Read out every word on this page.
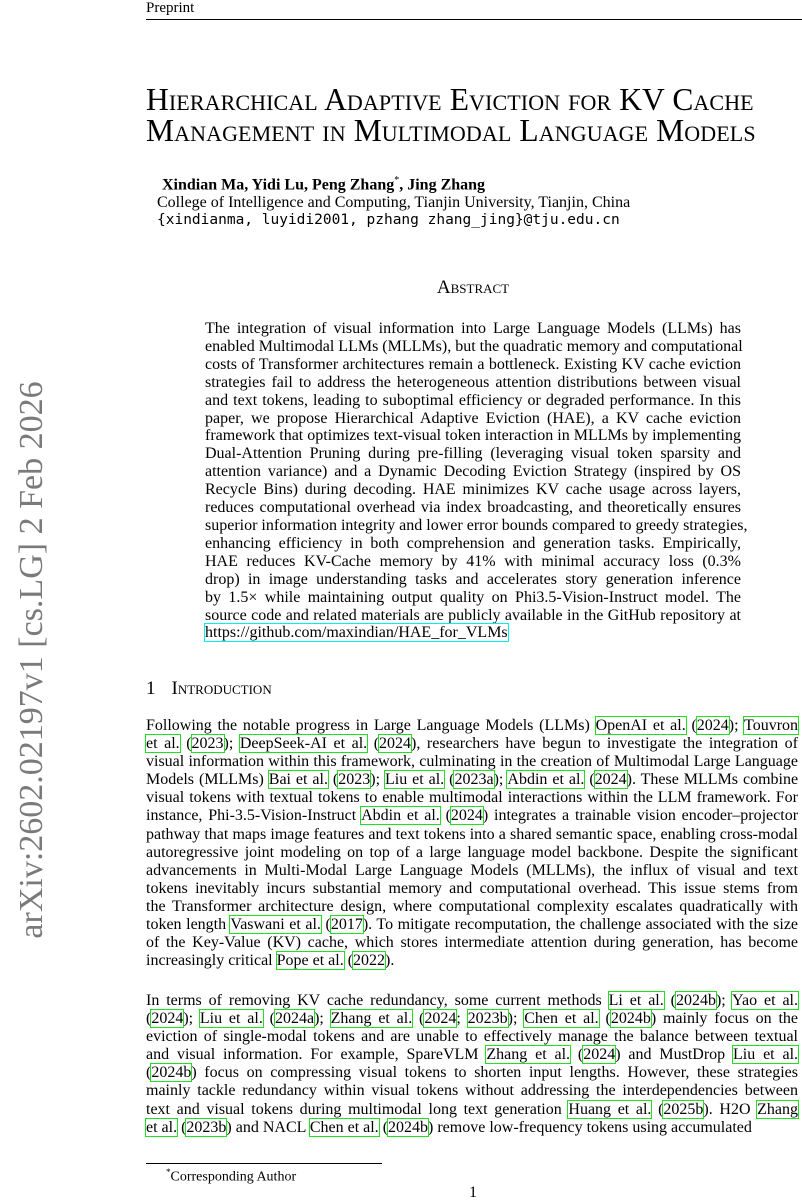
arXiv:2602.02197v1 [cs.LG] 2 Feb 2026
Preprint
Hierarchical Adaptive Eviction for KV Cache
Management in Multimodal Language Models
Xindian Ma, Yidi Lu, Peng Zhang*, Jing Zhang
College of Intelligence and Computing, Tianjin University, Tianjin, China
{xindianma, luyidi2001, pzhang zhang_jing}@tju.edu.cn
Abstract
The integration of visual information into Large Language Models (LLMs) has
enabled Multimodal LLMs (MLLMs), but the quadratic memory and computational
costs of Transformer architectures remain a bottleneck. Existing KV cache eviction
strategies fail to address the heterogeneous attention distributions between visual
and text tokens, leading to suboptimal efficiency or degraded performance. In this
paper, we propose Hierarchical Adaptive Eviction (HAE), a KV cache eviction
framework that optimizes text-visual token interaction in MLLMs by implementing
Dual-Attention Pruning during pre-filling (leveraging visual token sparsity and
attention variance) and a Dynamic Decoding Eviction Strategy (inspired by OS
Recycle Bins) during decoding. HAE minimizes KV cache usage across layers,
reduces computational overhead via index broadcasting, and theoretically ensures
superior information integrity and lower error bounds compared to greedy strategies,
enhancing efficiency in both comprehension and generation tasks. Empirically,
HAE reduces KV-Cache memory by 41% with minimal accuracy loss (0.3%
drop) in image understanding tasks and accelerates story generation inference
by 1.5× while maintaining output quality on Phi3.5-Vision-Instruct model. The
source code and related materials are publicly available in the GitHub repository at
https://github.com/maxindian/HAE_for_VLMs
1 Introduction
Following the notable progress in Large Language Models (LLMs) OpenAI et al. (2024); Touvron
et al. (2023); DeepSeek-AI et al. (2024), researchers have begun to investigate the integration of
visual information within this framework, culminating in the creation of Multimodal Large Language
Models (MLLMs) Bai et al. (2023); Liu et al. (2023a); Abdin et al. (2024). These MLLMs combine
visual tokens with textual tokens to enable multimodal interactions within the LLM framework. For
instance, Phi-3.5-Vision-Instruct Abdin et al. (2024) integrates a trainable vision encoder–projector
pathway that maps image features and text tokens into a shared semantic space, enabling cross-modal
autoregressive joint modeling on top of a large language model backbone. Despite the significant
advancements in Multi-Modal Large Language Models (MLLMs), the influx of visual and text
tokens inevitably incurs substantial memory and computational overhead. This issue stems from
the Transformer architecture design, where computational complexity escalates quadratically with
token length Vaswani et al. (2017). To mitigate recomputation, the challenge associated with the size
of the Key-Value (KV) cache, which stores intermediate attention during generation, has become
increasingly critical Pope et al. (2022).
In terms of removing KV cache redundancy, some current methods Li et al. (2024b); Yao et al.
(2024); Liu et al. (2024a); Zhang et al. (2024; 2023b); Chen et al. (2024b) mainly focus on the
eviction of single-modal tokens and are unable to effectively manage the balance between textual
and visual information. For example, SpareVLM Zhang et al. (2024) and MustDrop Liu et al.
(2024b) focus on compressing visual tokens to shorten input lengths. However, these strategies
mainly tackle redundancy within visual tokens without addressing the interdependencies between
text and visual tokens during multimodal long text generation Huang et al. (2025b). H2O Zhang
et al. (2023b) and NACL Chen et al. (2024b) remove low-frequency tokens using accumulated
*Corresponding Author
1
